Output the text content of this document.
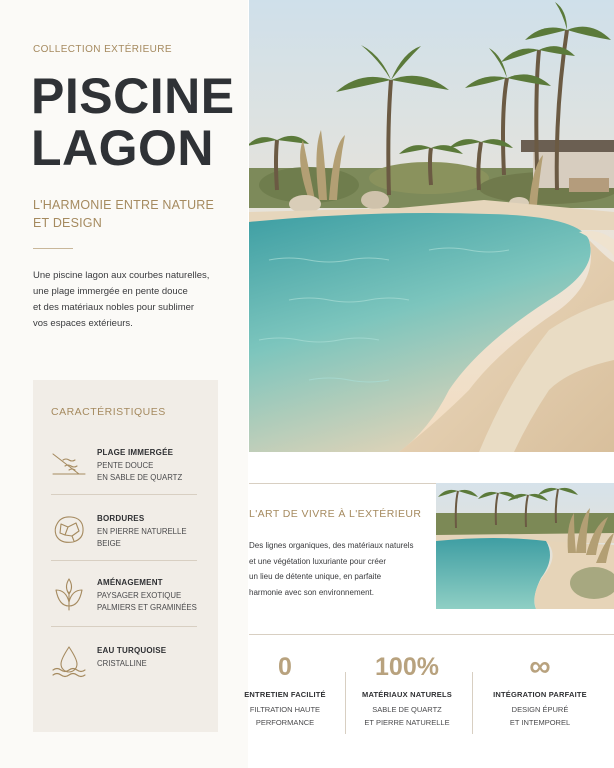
COLLECTION EXTÉRIEURE
PISCINE
LAGON
L'HARMONIE ENTRE NATURE ET DESIGN
Une piscine lagon aux courbes naturelles,
une plage immergée en pente douce
et des matériaux nobles pour sublimer
vos espaces extérieurs.
CARACTÉRISTIQUES
PLAGE IMMERGÉE
PENTE DOUCE
EN SABLE DE QUARTZ
BORDURES
EN PIERRE NATURELLE
BEIGE
AMÉNAGEMENT
PAYSAGER EXOTIQUE
PALMIERS ET GRAMINÉES
EAU TURQUOISE
CRISTALLINE
L'ART DE VIVRE À L'EXTÉRIEUR
Des lignes organiques, des matériaux naturels
et une végétation luxuriante pour créer
un lieu de détente unique, en parfaite
harmonie avec son environnement.
0
ENTRETIEN FACILITÉ
FILTRATION HAUTE
PERFORMANCE
100%
MATÉRIAUX NATURELS
SABLE DE QUARTZ
ET PIERRE NATURELLE
∞
INTÉGRATION PARFAITE
DESIGN ÉPURÉ
ET INTEMPOREL
